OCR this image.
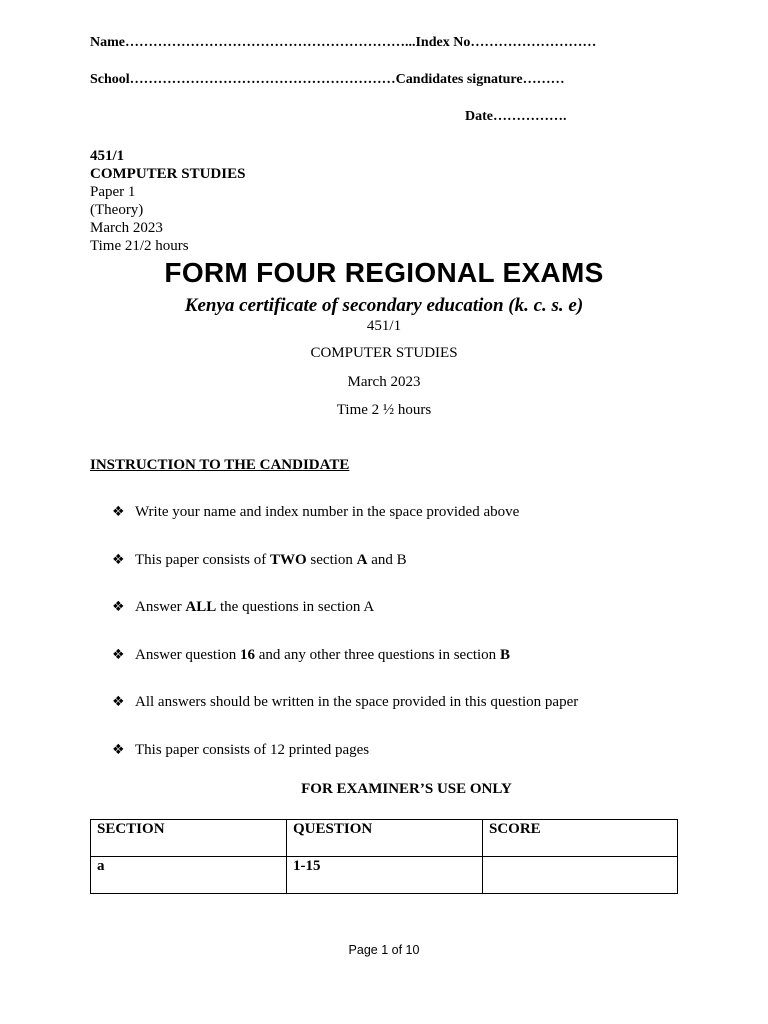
Name……………………………………………………...Index No………………………
School…………………………………………………Candidates signature………
Date…………….
451/1
COMPUTER STUDIES
Paper 1
(Theory)
March 2023
Time 21/2 hours
FORM FOUR REGIONAL EXAMS
Kenya certificate of secondary education (k. c. s. e)
451/1
COMPUTER STUDIES
March 2023
Time 2 ½ hours
INSTRUCTION TO THE CANDIDATE
❖ Write your name and index number in the space provided above
❖ This paper consists of TWO section A and B
❖ Answer ALL the questions in section A
❖ Answer question 16 and any other three questions in section B
❖ All answers should be written in the space provided in this question paper
❖ This paper consists of 12 printed pages
FOR EXAMINER’S USE ONLY
SECTION	QUESTION	SCORE
a	1-15	
Page 1 of 10
